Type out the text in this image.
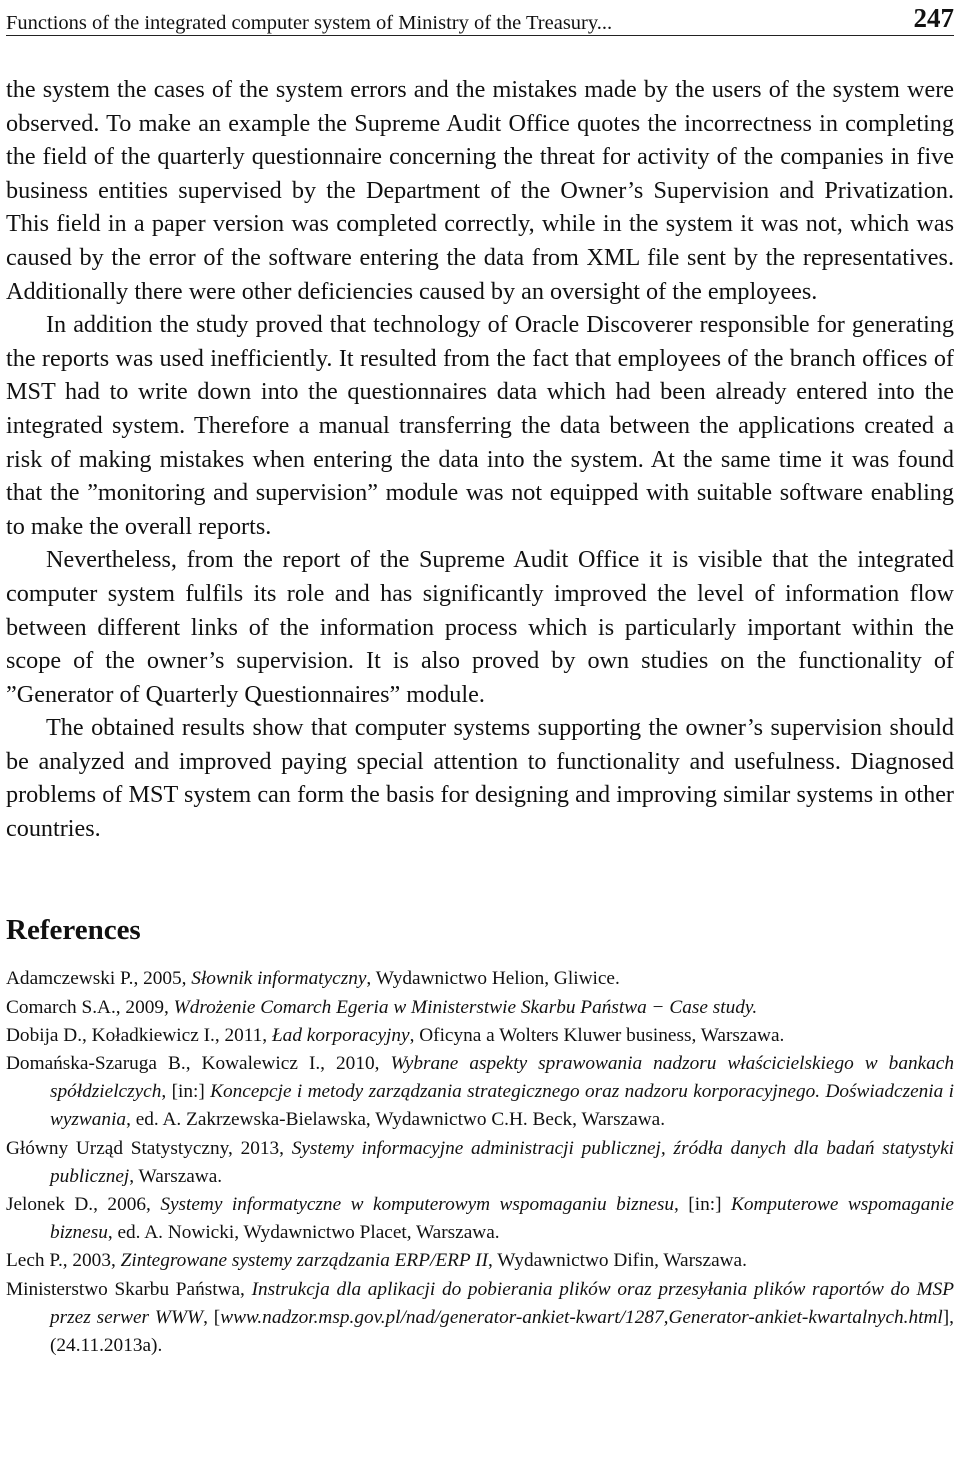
Functions of the integrated computer system of Ministry of the Treasury...	247

the system the cases of the system errors and the mistakes made by the users of the system were observed. To make an example the Supreme Audit Office quotes the incorrectness in completing the field of the quarterly questionnaire concerning the threat for activity of the companies in five business entities supervised by the Department of the Owner’s Supervision and Privatization. This field in a paper version was completed correctly, while in the system it was not, which was caused by the error of the software entering the data from XML file sent by the representatives. Additionally there were other deficiencies caused by an oversight of the employees.

In addition the study proved that technology of Oracle Discoverer responsible for generating the reports was used inefficiently. It resulted from the fact that employees of the branch offices of MST had to write down into the questionnaires data which had been already entered into the integrated system. Therefore a manual transferring the data between the applications created a risk of making mistakes when entering the data into the system. At the same time it was found that the ”monitoring and supervision” module was not equipped with suitable software enabling to make the overall reports.

Nevertheless, from the report of the Supreme Audit Office it is visible that the integrated computer system fulfils its role and has significantly improved the level of information flow between different links of the information process which is particularly important within the scope of the owner’s supervision. It is also proved by own studies on the functionality of ”Generator of Quarterly Questionnaires” module.

The obtained results show that computer systems supporting the owner’s supervision should be analyzed and improved paying special attention to functionality and usefulness. Diagnosed problems of MST system can form the basis for designing and improving similar systems in other countries.

References
Adamczewski P., 2005, Słownik informatyczny, Wydawnictwo Helion, Gliwice.
Comarch S.A., 2009, Wdrożenie Comarch Egeria w Ministerstwie Skarbu Państwa − Case study.
Dobija D., Koładkiewicz I., 2011, Ład korporacyjny, Oficyna a Wolters Kluwer business, Warszawa.
Domańska-Szaruga B., Kowalewicz I., 2010, Wybrane aspekty sprawowania nadzoru właścicielskiego w bankach spółdzielczych, [in:] Koncepcje i metody zarządzania strategicznego oraz nadzoru korporacyjnego. Doświadczenia i wyzwania, ed. A. Zakrzewska-Bielawska, Wydawnictwo C.H. Beck, Warszawa.
Główny Urząd Statystyczny, 2013, Systemy informacyjne administracji publicznej, źródła danych dla badań statystyki publicznej, Warszawa.
Jelonek D., 2006, Systemy informatyczne w komputerowym wspomaganiu biznesu, [in:] Komputerowe wspomaganie biznesu, ed. A. Nowicki, Wydawnictwo Placet, Warszawa.
Lech P., 2003, Zintegrowane systemy zarządzania ERP/ERP II, Wydawnictwo Difin, Warszawa.
Ministerstwo Skarbu Państwa, Instrukcja dla aplikacji do pobierania plików oraz przesyłania plików raportów do MSP przez serwer WWW, [www.nadzor.msp.gov.pl/nad/generator-ankiet-kwart/1287,Generator-ankiet-kwartalnych.html], (24.11.2013a).
